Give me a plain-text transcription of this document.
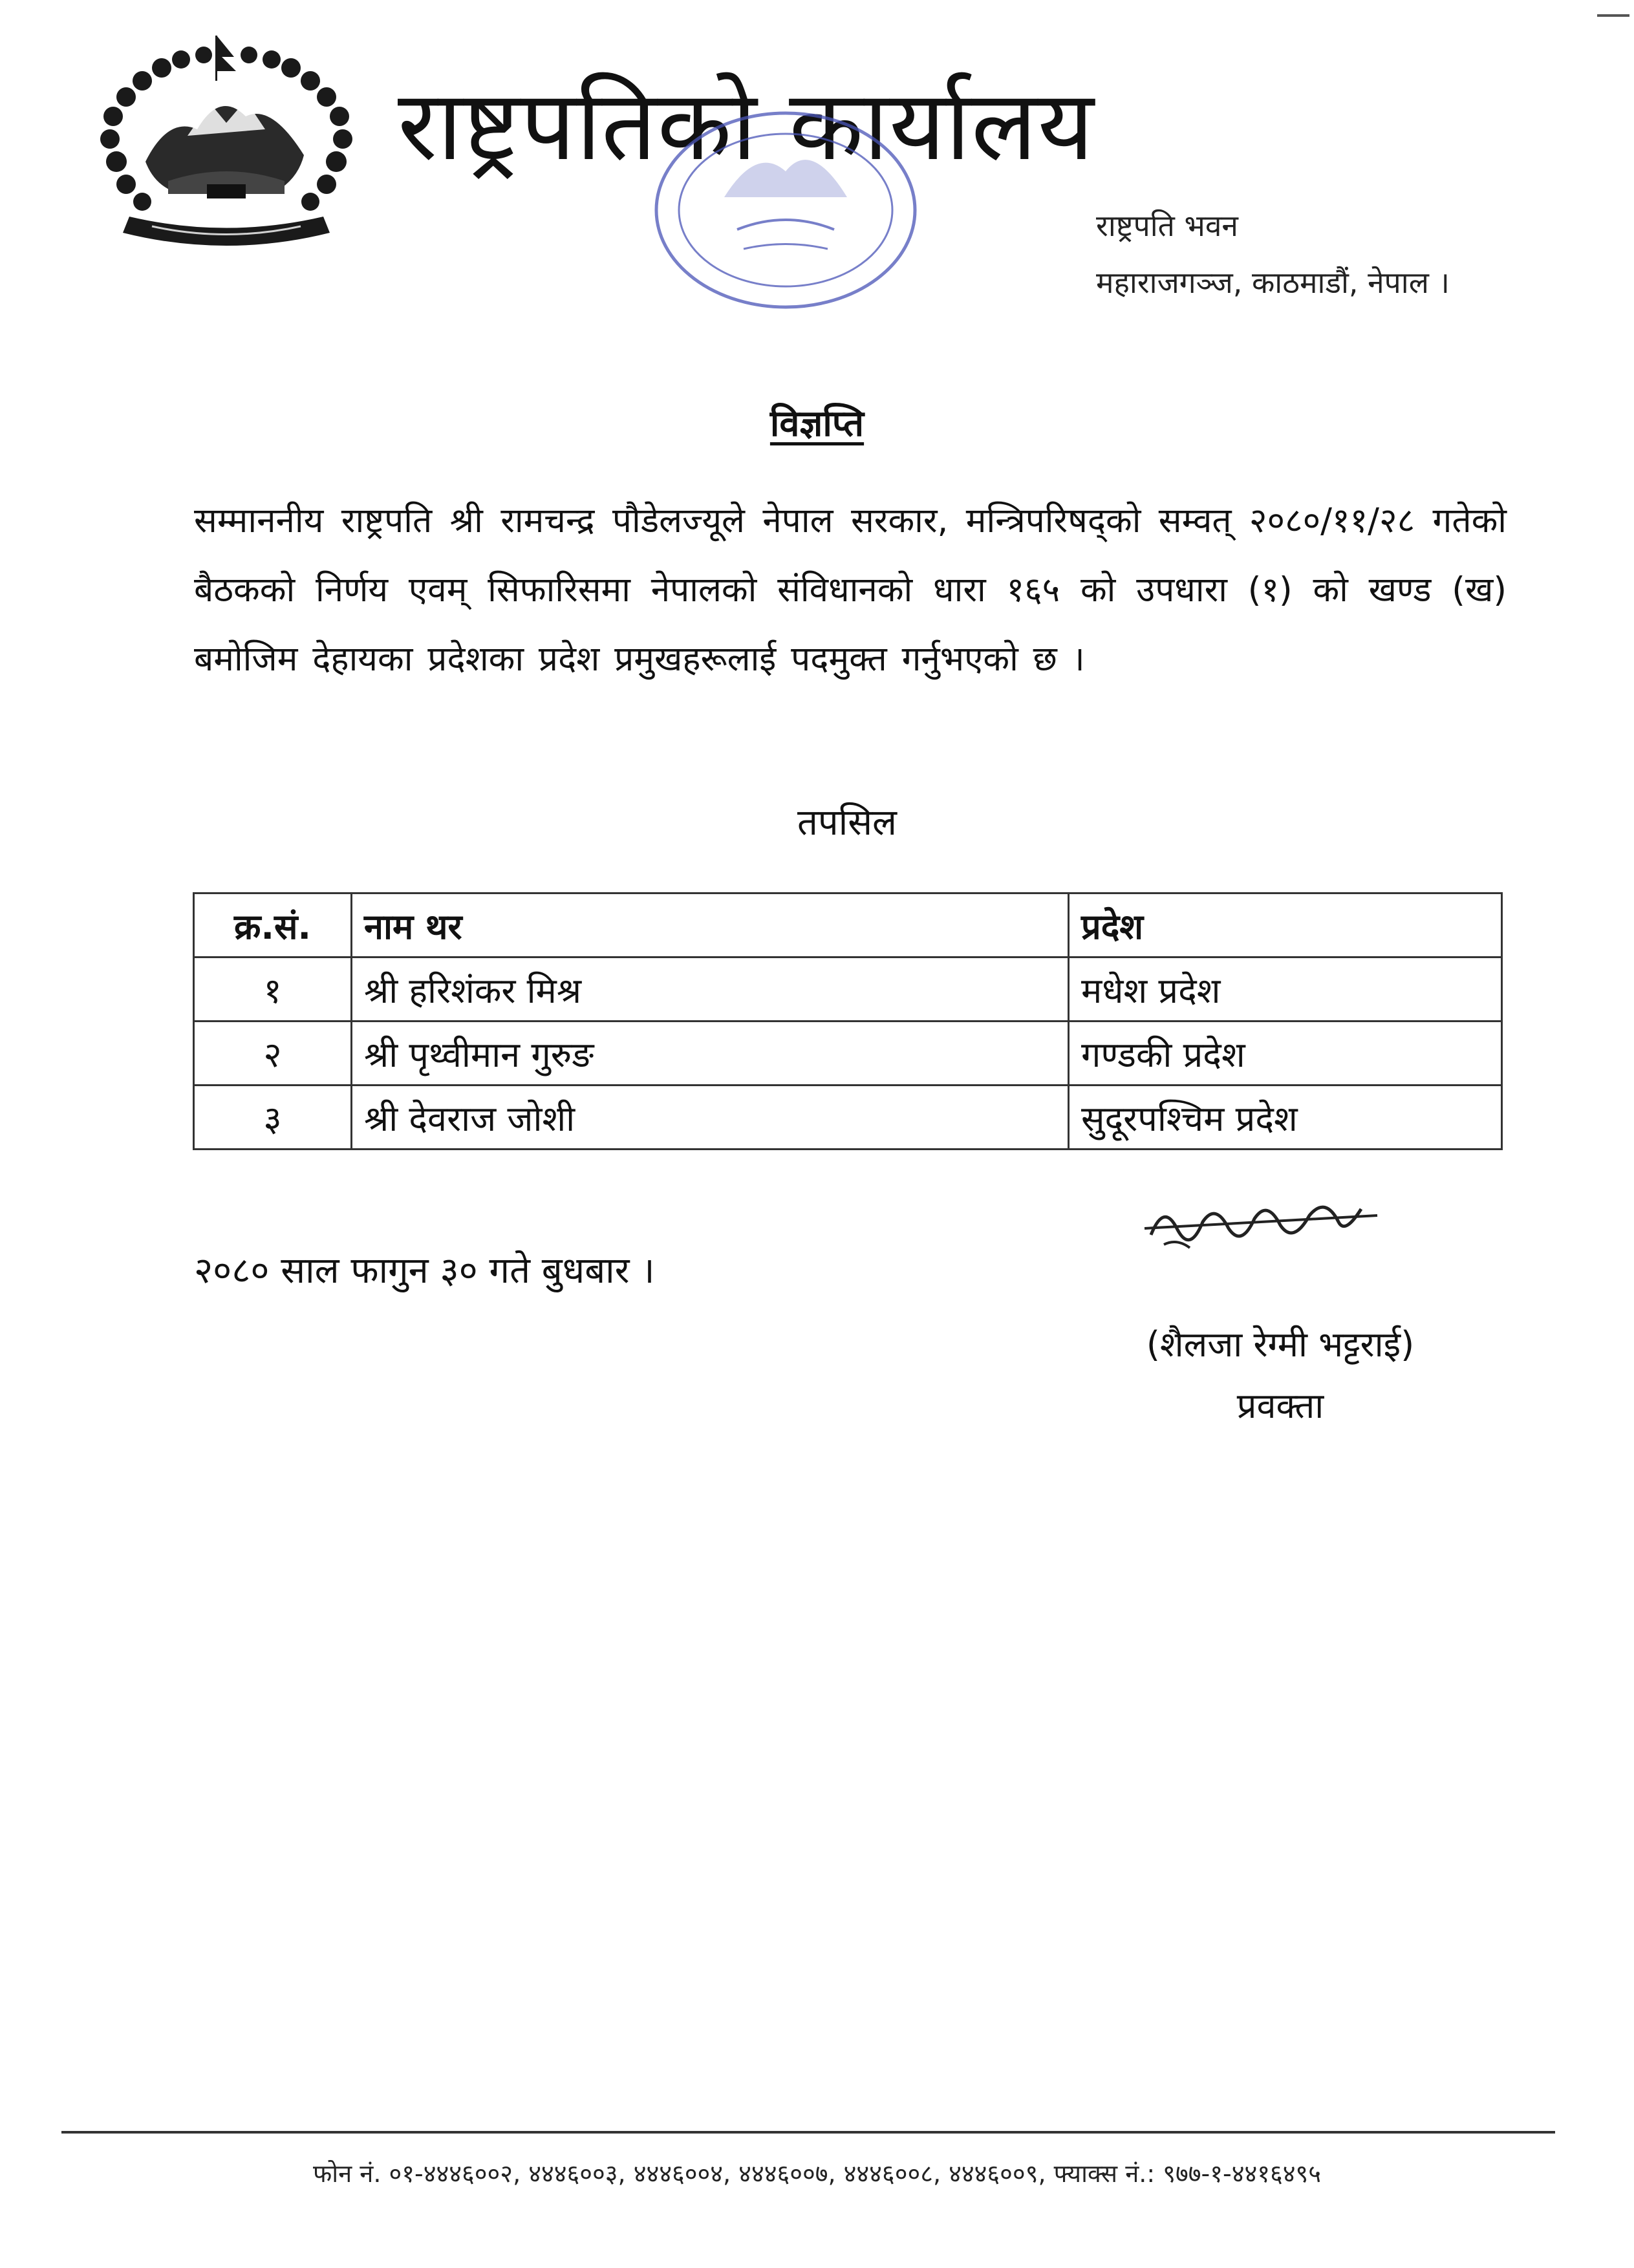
राष्ट्रपतिको कार्यालय
राष्ट्रपति भवन
महाराजगञ्ज, काठमाडौं, नेपाल ।
विज्ञप्ति
सम्माननीय राष्ट्रपति श्री रामचन्द्र पौडेलज्यूले नेपाल सरकार, मन्त्रिपरिषद्को सम्वत् २०८०/११/२८ गतेको बैठकको निर्णय एवम् सिफारिसमा नेपालको संविधानको धारा १६५ को उपधारा (१) को खण्ड (ख) बमोजिम देहायका प्रदेशका प्रदेश प्रमुखहरूलाई पदमुक्त गर्नुभएको छ ।
तपसिल
क्र.सं.	नाम थर	प्रदेश
१	श्री हरिशंकर मिश्र	मधेश प्रदेश
२	श्री पृथ्वीमान गुरुङ	गण्डकी प्रदेश
३	श्री देवराज जोशी	सुदूरपश्चिम प्रदेश
२०८० साल फागुन ३० गते बुधबार ।
(शैलजा रेग्मी भट्टराई)
प्रवक्ता
फोन नं. ०१-४४४६००२, ४४४६००३, ४४४६००४, ४४४६००७, ४४४६००८, ४४४६००९, फ्याक्स नं.: ९७७-१-४४१६४९५
